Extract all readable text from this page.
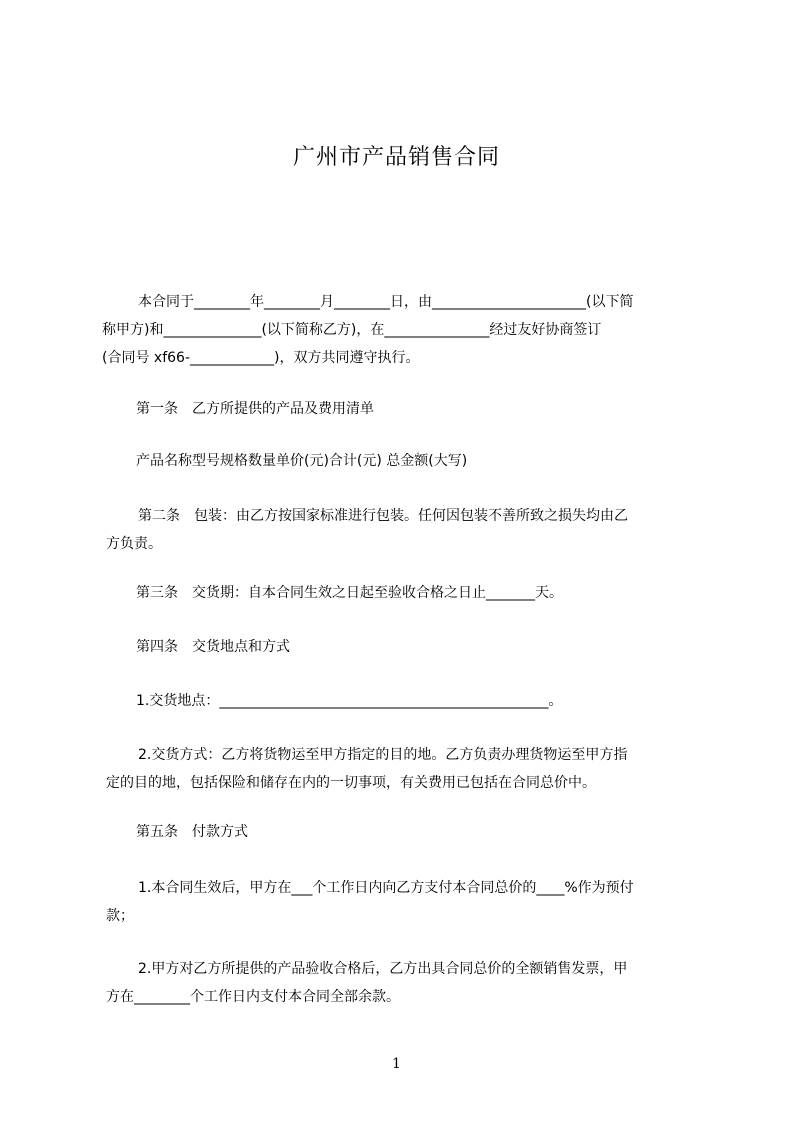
广州市产品销售合同
本合同于________年________月________日，由______________________(以下简
称甲方)和______________(以下简称乙方)，在_______________经过友好协商签订
(合同号 xf66-____________)，双方共同遵守执行。
第一条　乙方所提供的产品及费用清单
产品名称型号规格数量单价(元)合计(元) 总金额(大写)
第二条　包装：由乙方按国家标准进行包装。任何因包装不善所致之损失均由乙
方负责。
第三条　交货期：自本合同生效之日起至验收合格之日止_______天。
第四条　交货地点和方式
1.交货地点：_______________________________________________。
2.交货方式：乙方将货物运至甲方指定的目的地。乙方负责办理货物运至甲方指
定的目的地，包括保险和储存在内的一切事项，有关费用已包括在合同总价中。
第五条　付款方式
1.本合同生效后，甲方在___个工作日内向乙方支付本合同总价的____%作为预付
款；
2.甲方对乙方所提供的产品验收合格后，乙方出具合同总价的全额销售发票，甲
方在________个工作日内支付本合同全部余款。
1
